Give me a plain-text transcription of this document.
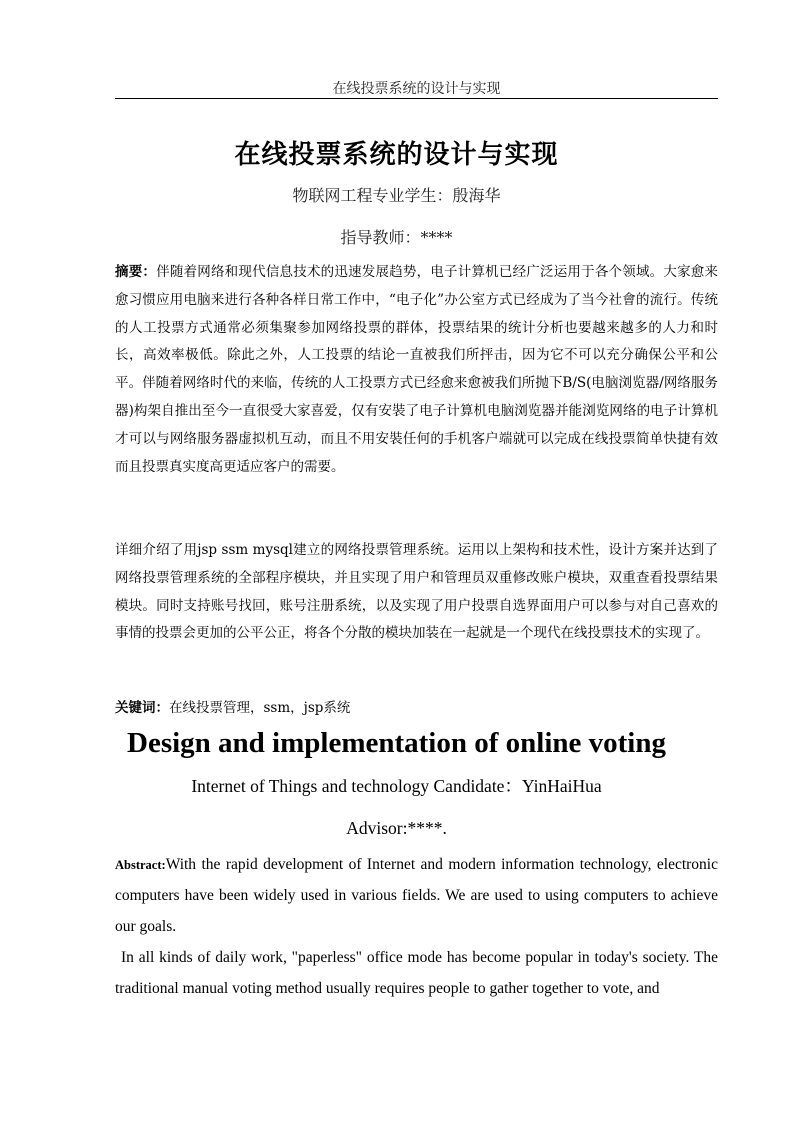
在线投票系统的设计与实现
在线投票系统的设计与实现
物联网工程专业学生：殷海华
指导教师：****
摘要：伴随着网络和现代信息技术的迅速发展趋势，电子计算机已经广泛运用于各个领域。大家愈来愈习惯应用电脑来进行各种各样日常工作中，“电子化”办公室方式已经成为了当今社會的流行。传统的人工投票方式通常必须集聚参加网络投票的群体，投票结果的统计分析也要越来越多的人力和时长，高效率极低。除此之外，人工投票的结论一直被我们所抨击，因为它不可以充分确保公平和公平。伴随着网络时代的来临，传统的人工投票方式已经愈来愈被我们所抛下B/S(电脑浏览器/网络服务器)构架自推出至今一直很受大家喜爱，仅有安裝了电子计算机电脑浏览器并能浏览网络的电子计算机才可以与网络服务器虚拟机互动，而且不用安裝任何的手机客户端就可以完成在线投票简单快捷有效而且投票真实度高更适应客户的需要。
详细介绍了用jsp ssm mysql建立的网络投票管理系统。运用以上架构和技术性，设计方案并达到了网络投票管理系统的全部程序模块，并且实现了用户和管理员双重修改账户模块，双重查看投票结果模块。同时支持账号找回，账号注册系统，以及实现了用户投票自选界面用户可以参与对自己喜欢的事情的投票会更加的公平公正，将各个分散的模块加装在一起就是一个现代在线投票技术的实现了。
关键词：在线投票管理，ssm，jsp系统
Design and implementation of online voting
Internet of Things and technology Candidate：YinHaiHua
Advisor:****.
Abstract:With the rapid development of Internet and modern information technology, electronic computers have been widely used in various fields. We are used to using computers to achieve our goals.
In all kinds of daily work, "paperless" office mode has become popular in today's society. The traditional manual voting method usually requires people to gather together to vote, and
